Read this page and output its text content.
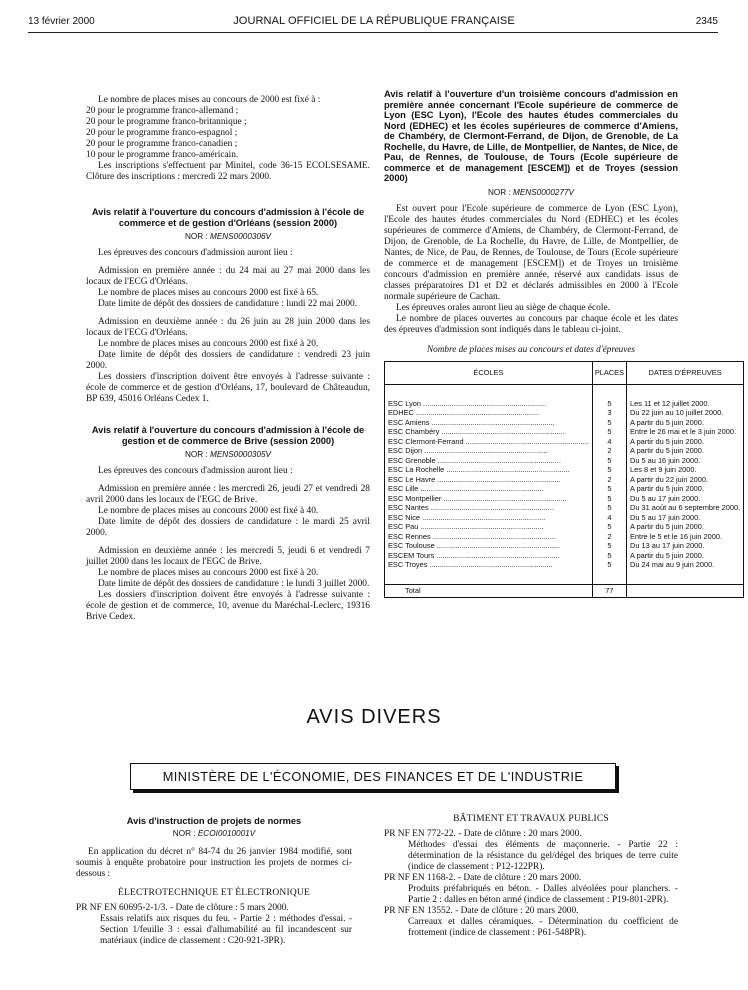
13 février 2000	JOURNAL OFFICIEL DE LA RÉPUBLIQUE FRANÇAISE	2345

Le nombre de places mises au concours de 2000 est fixé à :

20 pour le programme franco-allemand ;

20 pour le programme franco-britannique ;

20 pour le programme franco-espagnol ;

20 pour le programme franco-canadien ;

10 pour le programme franco-américain.

Les inscriptions s'effectuent par Minitel, code 36-15 ECOLSESAME. Clôture des inscriptions : mercredi 22 mars 2000.

Avis relatif à l'ouverture du concours d'admission à l'école de commerce et de gestion d'Orléans (session 2000)
NOR : MENS0000306V

Les épreuves des concours d'admission auront lieu :

Admission en première année : du 24 mai au 27 mai 2000 dans les locaux de l'ECG d'Orléans.

Le nombre de places mises au concours 2000 est fixé à 65.

Date limite de dépôt des dossiers de candidature : lundi 22 mai 2000.

Admission en deuxième année : du 26 juin au 28 juin 2000 dans les locaux de l'ECG d'Orléans.

Le nombre de places mises au concours 2000 est fixé à 20.

Date limite de dépôt des dossiers de candidature : vendredi 23 juin 2000.

Les dossiers d'inscription doivent être envoyés à l'adresse suivante : école de commerce et de gestion d'Orléans, 17, boulevard de Châteaudun, BP 639, 45016 Orléans Cedex 1.

Avis relatif à l'ouverture du concours d'admission à l'école de gestion et de commerce de Brive (session 2000)
NOR : MENS0000305V

Les épreuves des concours d'admission auront lieu :

Admission en première année : les mercredi 26, jeudi 27 et vendredi 28 avril 2000 dans les locaux de l'EGC de Brive.

Le nombre de places mises au concours 2000 est fixé à 40.

Date limite de dépôt des dossiers de candidature : le mardi 25 avril 2000.

Admission en deuxième année : les mercredi 5, jeudi 6 et vendredi 7 juillet 2000 dans les locaux de l'EGC de Brive.

Le nombre de places mises au concours 2000 est fixé à 20.

Date limite de dépôt des dossiers de candidature : le lundi 3 juillet 2000.

Les dossiers d'inscription doivent être envoyés à l'adresse suivante : école de gestion et de commerce, 10, avenue du Maréchal-Leclerc, 19316 Brive Cedex.

Avis relatif à l'ouverture d'un troisième concours d'admission en première année concernant l'Ecole supérieure de commerce de Lyon (ESC Lyon), l'Ecole des hautes études commerciales du Nord (EDHEC) et les écoles supérieures de commerce d'Amiens, de Chambéry, de Clermont-Ferrand, de Dijon, de Grenoble, de La Rochelle, du Havre, de Lille, de Montpellier, de Nantes, de Nice, de Pau, de Rennes, de Toulouse, de Tours (Ecole supérieure de commerce et de management [ESCEM]) et de Troyes (session 2000)
NOR : MENS0000277V

Est ouvert pour l'Ecole supérieure de commerce de Lyon (ESC Lyon), l'Ecole des hautes études commerciales du Nord (EDHEC) et les écoles supérieures de commerce d'Amiens, de Chambéry, de Clermont-Ferrand, de Dijon, de Grenoble, de La Rochelle, du Havre, de Lille, de Montpellier, de Nantes, de Nice, de Pau, de Rennes, de Toulouse, de Tours (Ecole supérieure de commerce et de management [ESCEM]) et de Troyes un troisième concours d'admission en première année, réservé aux candidats issus de classes préparatoires D1 et D2 et déclarés admissibles en 2000 à l'Ecole normale supérieure de Cachan.

Les épreuves orales auront lieu au siège de chaque école.

Le nombre de places ouvertes au concours par chaque école et les dates des épreuves d'admission sont indiqués dans le tableau ci-joint.

Nombre de places mises au concours et dates d'épreuves
ÉCOLES	PLACES	DATES D'ÉPREUVES

ESC Lyon ............................................................	5	Les 11 et 12 juillet 2000.
EDHEC ............................................................	3	Du 22 juin au 10 juillet 2000.
ESC Amiens ............................................................	5	A partir du 5 juin 2000.
ESC Chambéry ............................................................	5	Entre le 26 mai et le 3 juin 2000.
ESC Clermont-Ferrand ............................................................	4	A partir du 5 juin 2000.
ESC Dijon ............................................................	2	A partir du 5 juin 2000.
ESC Grenoble ............................................................	5	Du 5 au 16 juin 2000.
ESC La Rochelle ............................................................	5	Les 8 et 9 juin 2000.
ESC Le Havre ............................................................	2	A partir du 22 juin 2000.
ESC Lille ............................................................	5	A partir du 5 juin 2000.
ESC Montpellier ............................................................	5	Du 5 au 17 juin 2000.
ESC Nantes ............................................................	5	Du 31 août au 6 septembre 2000.
ESC Nice ............................................................	4	Du 5 au 17 juin 2000.
ESC Pau ............................................................	5	A partir du 5 juin 2000.
ESC Rennes ............................................................	2	Entre le 5 et le 16 juin 2000.
ESC Toulouse ............................................................	5	Du 13 au 17 juin 2000.
ESCEM Tours ............................................................	5	A partir du 5 juin 2000.
ESC Troyes ............................................................	5	Du 24 mai au 9 juin 2000.

Total	77	
AVIS DIVERS
MINISTÈRE DE L'ÉCONOMIE, DES FINANCES ET DE L'INDUSTRIE
Avis d'instruction de projets de normes
NOR : ECOI0010001V

En application du décret n° 84-74 du 26 janvier 1984 modifié, sont soumis à enquête probatoire pour instruction les projets de normes ci-dessous :

ÉLECTROTECHNIQUE ET ÉLECTRONIQUE

PR NF EN 60695-2-1/3. - Date de clôture : 5 mars 2000.

Essais relatifs aux risques du feu. - Partie 2 : méthodes d'essai. - Section 1/feuille 3 : essai d'allumabilité au fil incandescent sur matériaux (indice de classement : C20-921-3PR).

BÂTIMENT ET TRAVAUX PUBLICS

PR NF EN 772-22. - Date de clôture : 20 mars 2000.

Méthodes d'essai des éléments de maçonnerie. - Partie 22 : détermination de la résistance du gel/dégel des briques de terre cuite (indice de classement : P12-122PR).

PR NF EN 1168-2. - Date de clôture : 20 mars 2000.

Produits préfabriqués en béton. - Dalles alvéolées pour planchers. - Partie 2 : dalles en béton armé (indice de classement : P19-801-2PR).

PR NF EN 13552. - Date de clôture : 20 mars 2000.

Carreaux et dalles céramiques. - Détermination du coefficient de frottement (indice de classement : P61-548PR).
